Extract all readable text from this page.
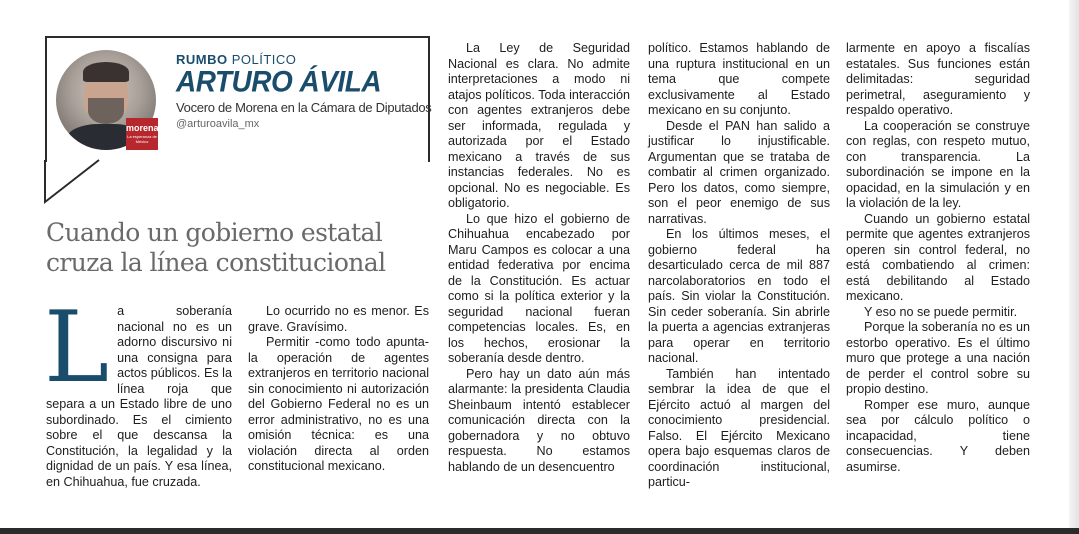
morena
La esperanza de México
RUMBO POLÍTICO
ARTURO ÁVILA
Vocero de Morena en la Cámara de Diputados
@arturoavila_mx
Cuando un gobierno estatal
cruza la línea constitucional

La soberanía nacional no es un adorno discursivo ni una consigna para actos públicos. Es la línea roja que separa a un Estado libre de uno subordinado. Es el cimiento sobre el que descansa la Constitución, la legalidad y la dignidad de un país. Y esa línea, en Chihuahua, fue cruzada.

Lo ocurrido no es menor. Es grave. Gravísimo.

Permitir -como todo apunta- la operación de agentes extranjeros en territorio nacional sin conocimiento ni autorización del Gobierno Federal no es un error administrativo, no es una omisión técnica: es una violación directa al orden constitucional mexicano.

La Ley de Seguridad Nacional es clara. No admite interpretaciones a modo ni atajos políticos. Toda interacción con agentes extranjeros debe ser informada, regulada y autorizada por el Estado mexicano a través de sus instancias federales. No es opcional. No es negociable. Es obligatorio.

Lo que hizo el gobierno de Chihuahua encabezado por Maru Campos es colocar a una entidad federativa por encima de la Constitución. Es actuar como si la política exterior y la seguridad nacional fueran competencias locales. Es, en los hechos, erosionar la soberanía desde dentro.

Pero hay un dato aún más alarmante: la presidenta Claudia Sheinbaum intentó establecer comunicación directa con la gobernadora y no obtuvo respuesta. No estamos hablando de un desencuentro

político. Estamos hablando de una ruptura institucional en un tema que compete exclusivamente al Estado mexicano en su conjunto.

Desde el PAN han salido a justificar lo injustificable. Argumentan que se trataba de combatir al crimen organizado. Pero los datos, como siempre, son el peor enemigo de sus narrativas.

En los últimos meses, el gobierno federal ha desarticulado cerca de mil 887 narcolaboratorios en todo el país. Sin violar la Constitución. Sin ceder soberanía. Sin abrirle la puerta a agencias extranjeras para operar en territorio nacional.

También han intentado sembrar la idea de que el Ejército actuó al margen del conocimiento presidencial. Falso. El Ejército Mexicano opera bajo esquemas claros de coordinación institucional, particu-

larmente en apoyo a fiscalías estatales. Sus funciones están delimitadas: seguridad perimetral, aseguramiento y respaldo operativo.

La cooperación se construye con reglas, con respeto mutuo, con transparencia. La subordinación se impone en la opacidad, en la simulación y en la violación de la ley.

Cuando un gobierno estatal permite que agentes extranjeros operen sin control federal, no está combatiendo al crimen: está debilitando al Estado mexicano.

Y eso no se puede permitir.

Porque la soberanía no es un estorbo operativo. Es el último muro que protege a una nación de perder el control sobre su propio destino.

Romper ese muro, aunque sea por cálculo político o incapacidad, tiene consecuencias. Y deben asumirse.
